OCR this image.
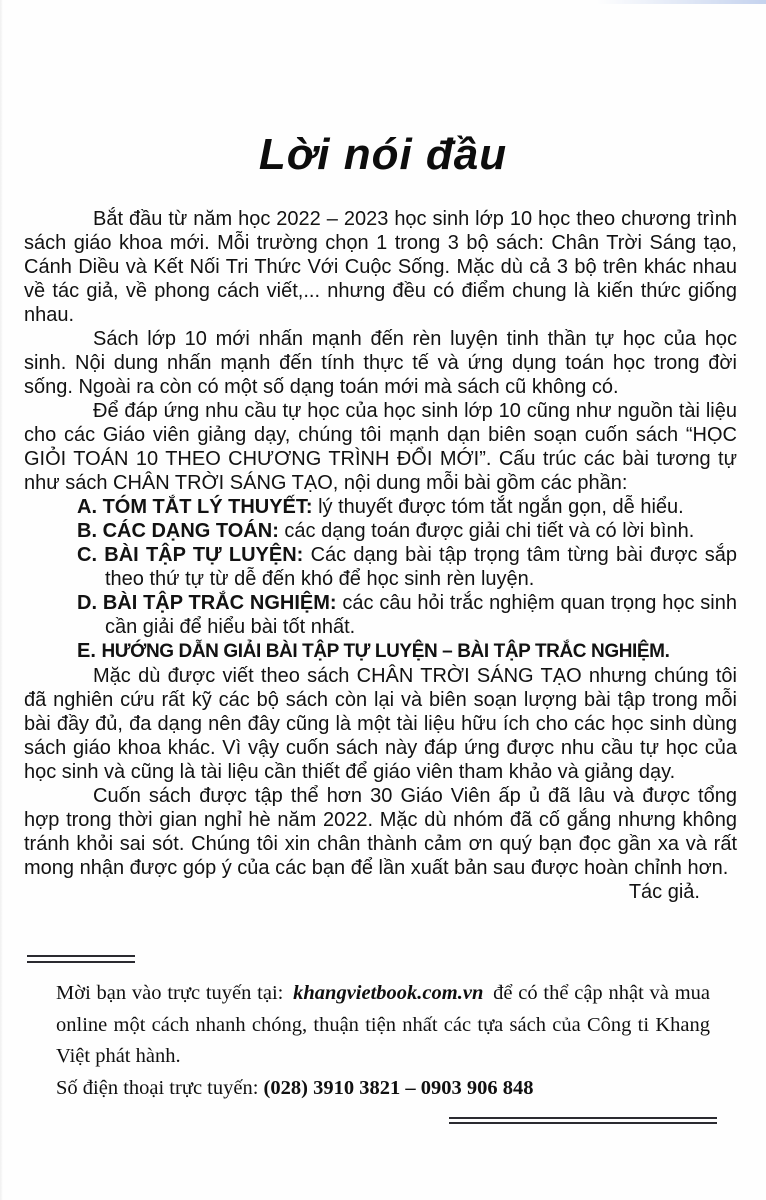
Lời nói đầu

Bắt đầu từ năm học 2022 – 2023 học sinh lớp 10 học theo chương trình sách giáo khoa mới. Mỗi trường chọn 1 trong 3 bộ sách: Chân Trời Sáng tạo, Cánh Diều và Kết Nối Tri Thức Với Cuộc Sống. Mặc dù cả 3 bộ trên khác nhau về tác giả, về phong cách viết,... nhưng đều có điểm chung là kiến thức giống nhau.

Sách lớp 10 mới nhấn mạnh đến rèn luyện tinh thần tự học của học sinh. Nội dung nhấn mạnh đến tính thực tế và ứng dụng toán học trong đời sống. Ngoài ra còn có một số dạng toán mới mà sách cũ không có.

Để đáp ứng nhu cầu tự học của học sinh lớp 10 cũng như nguồn tài liệu cho các Giáo viên giảng dạy, chúng tôi mạnh dạn biên soạn cuốn sách “HỌC GIỎI TOÁN 10 THEO CHƯƠNG TRÌNH ĐỔI MỚI”. Cấu trúc các bài tương tự như sách CHÂN TRỜI SÁNG TẠO, nội dung mỗi bài gồm các phần:

A. TÓM TẮT LÝ THUYẾT: lý thuyết được tóm tắt ngắn gọn, dễ hiểu.
B. CÁC DẠNG TOÁN: các dạng toán được giải chi tiết và có lời bình.
C. BÀI TẬP TỰ LUYỆN: Các dạng bài tập trọng tâm từng bài được sắp theo thứ tự từ dễ đến khó để học sinh rèn luyện.
D. BÀI TẬP TRẮC NGHIỆM: các câu hỏi trắc nghiệm quan trọng học sinh cần giải để hiểu bài tốt nhất.
E. HƯỚNG DẪN GIẢI BÀI TẬP TỰ LUYỆN – BÀI TẬP TRẮC NGHIỆM.

Mặc dù được viết theo sách CHÂN TRỜI SÁNG TẠO nhưng chúng tôi đã nghiên cứu rất kỹ các bộ sách còn lại và biên soạn lượng bài tập trong mỗi bài đầy đủ, đa dạng nên đây cũng là một tài liệu hữu ích cho các học sinh dùng sách giáo khoa khác. Vì vậy cuốn sách này đáp ứng được nhu cầu tự học của học sinh và cũng là tài liệu cần thiết để giáo viên tham khảo và giảng dạy.

Cuốn sách được tập thể hơn 30 Giáo Viên ấp ủ đã lâu và được tổng hợp trong thời gian nghỉ hè năm 2022. Mặc dù nhóm đã cố gắng nhưng không tránh khỏi sai sót. Chúng tôi xin chân thành cảm ơn quý bạn đọc gần xa và rất mong nhận được góp ý của các bạn để lần xuất bản sau được hoàn chỉnh hơn.

Tác giả.

Mời bạn vào trực tuyến tại: khangvietbook.com.vn để có thể cập nhật và mua online một cách nhanh chóng, thuận tiện nhất các tựa sách của Công ti Khang Việt phát hành.

Số điện thoại trực tuyến: (028) 3910 3821 – 0903 906 848
